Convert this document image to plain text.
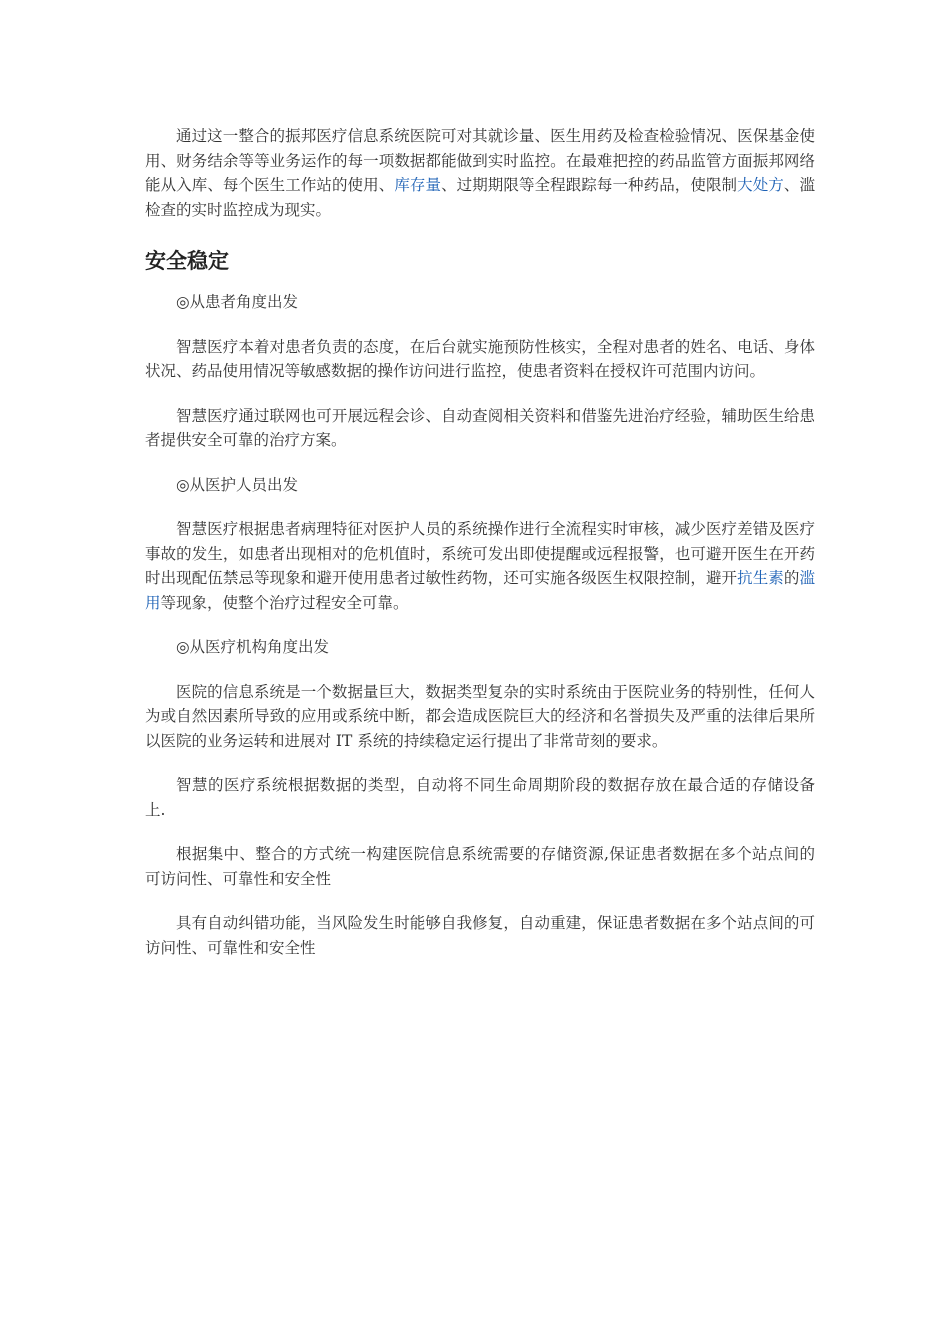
通过这一整合的振邦医疗信息系统医院可对其就诊量、医生用药及检查检验情况、医保基金使用、财务结余等等业务运作的每一项数据都能做到实时监控。在最难把控的药品监管方面振邦网络能从入库、每个医生工作站的使用、库存量、过期期限等全程跟踪每一种药品，使限制大处方、滥检查的实时监控成为现实。

安全稳定

◎从患者角度出发

智慧医疗本着对患者负责的态度，在后台就实施预防性核实，全程对患者的姓名、电话、身体状况、药品使用情况等敏感数据的操作访问进行监控，使患者资料在授权许可范围内访问。

智慧医疗通过联网也可开展远程会诊、自动查阅相关资料和借鉴先进治疗经验，辅助医生给患者提供安全可靠的治疗方案。

◎从医护人员出发

智慧医疗根据患者病理特征对医护人员的系统操作进行全流程实时审核，减少医疗差错及医疗事故的发生，如患者出现相对的危机值时，系统可发出即使提醒或远程报警，也可避开医生在开药时出现配伍禁忌等现象和避开使用患者过敏性药物，还可实施各级医生权限控制，避开抗生素的滥用等现象，使整个治疗过程安全可靠。

◎从医疗机构角度出发

医院的信息系统是一个数据量巨大，数据类型复杂的实时系统由于医院业务的特别性，任何人为或自然因素所导致的应用或系统中断，都会造成医院巨大的经济和名誉损失及严重的法律后果所以医院的业务运转和进展对 IT 系统的持续稳定运行提出了非常苛刻的要求。

智慧的医疗系统根据数据的类型，自动将不同生命周期阶段的数据存放在最合适的存储设备上.

根据集中、整合的方式统一构建医院信息系统需要的存储资源,保证患者数据在多个站点间的可访问性、可靠性和安全性

具有自动纠错功能，当风险发生时能够自我修复，自动重建，保证患者数据在多个站点间的可访问性、可靠性和安全性
